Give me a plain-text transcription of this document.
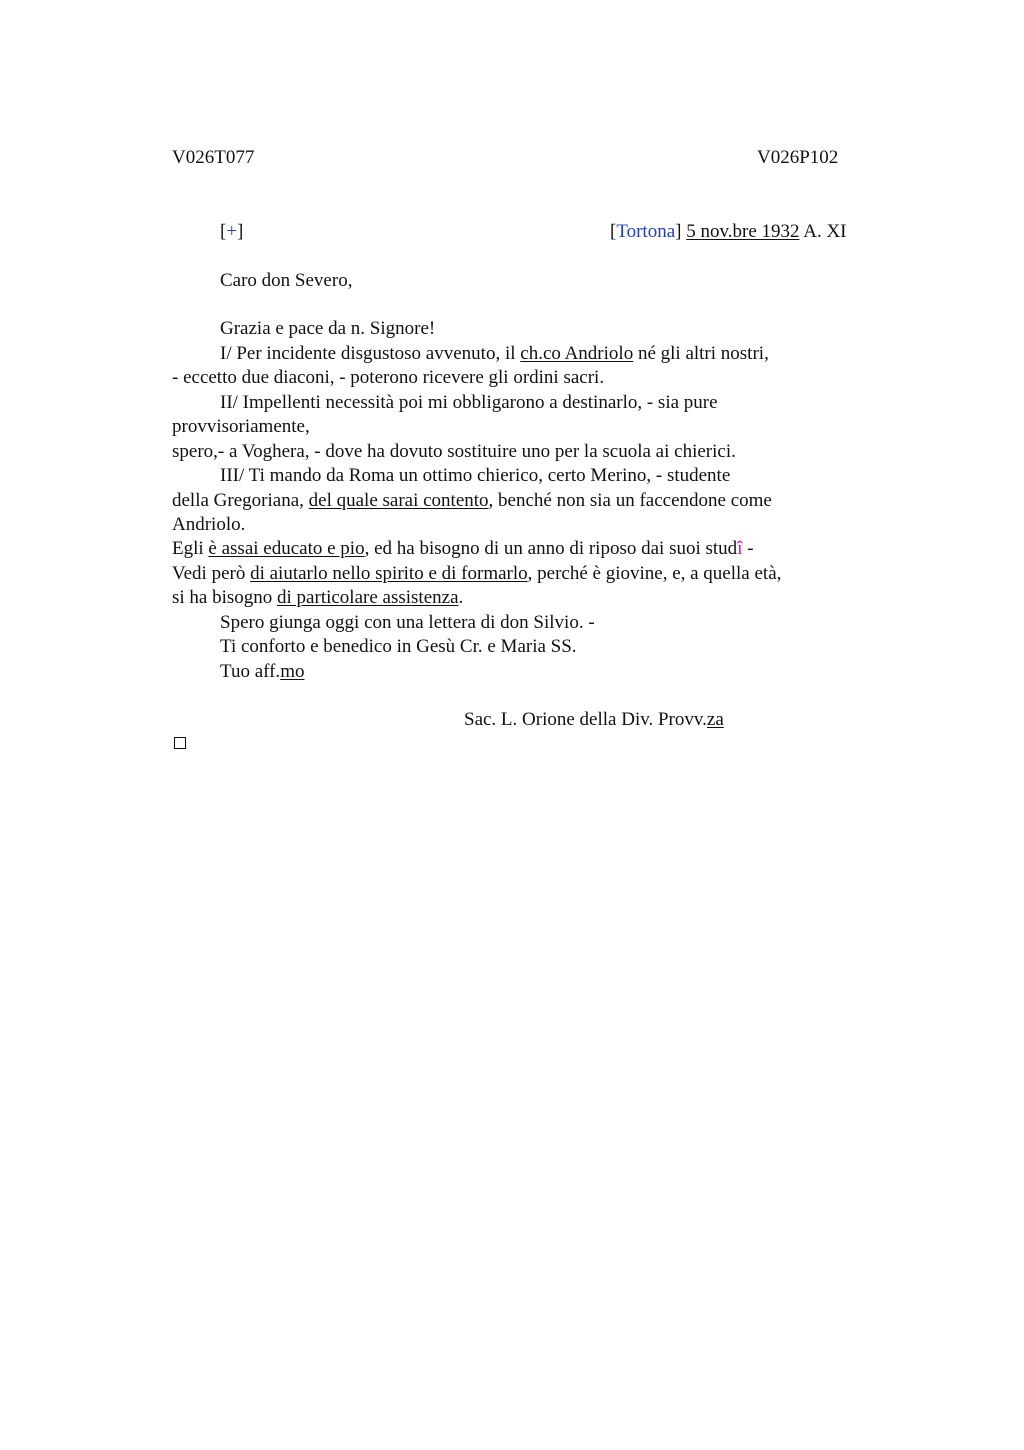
V026T077	V026P102
[+]	[Tortona] 5 nov.bre 1932 A. XI
Caro don Severo,
Grazia e pace da n. Signore!
I/ Per incidente disgustoso avvenuto, il ch.co Andriolo né gli altri nostri,
- eccetto due diaconi, - poterono ricevere gli ordini sacri.
II/ Impellenti necessità poi mi obbligarono a destinarlo, - sia pure
provvisoriamente,
spero,- a Voghera, - dove ha dovuto sostituire uno per la scuola ai chierici.
III/ Ti mando da Roma un ottimo chierico, certo Merino, - studente
della Gregoriana, del quale sarai contento, benché non sia un faccendone come
Andriolo.
Egli è assai educato e pio, ed ha bisogno di un anno di riposo dai suoi studî -
Vedi però di aiutarlo nello spirito e di formarlo, perché è giovine, e, a quella età,
si ha bisogno di particolare assistenza.
Spero giunga oggi con una lettera di don Silvio. -
Ti conforto e benedico in Gesù Cr. e Maria SS.
Tuo aff.mo
Sac. L. Orione della Div. Provv.za
